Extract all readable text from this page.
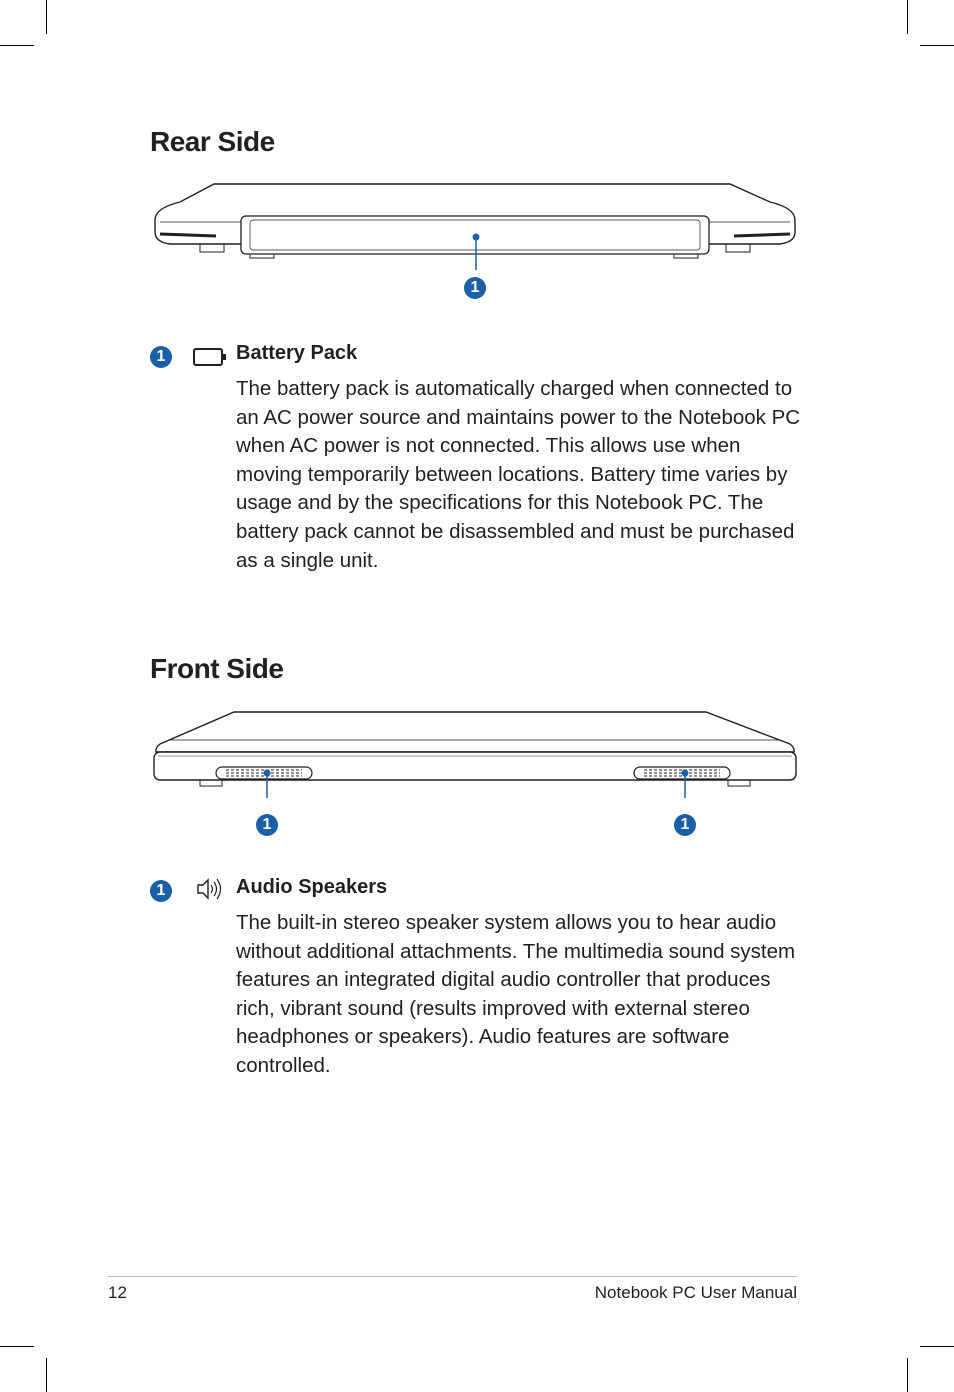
Rear Side
1
1	Battery Pack

The battery pack is automatically charged when connected to an AC power source and maintains power to the Notebook PC when AC power is not connected. This allows use when moving temporarily between locations. Battery time varies by usage and by the specifications for this Notebook PC. The battery pack cannot be disassembled and must be purchased as a single unit.

Front Side
1	1
1	Audio Speakers

The built-in stereo speaker system allows you to hear audio without additional attachments. The multimedia sound system features an integrated digital audio controller that produces rich, vibrant sound (results improved with external stereo headphones or speakers). Audio features are software controlled.

12	Notebook PC User Manual
